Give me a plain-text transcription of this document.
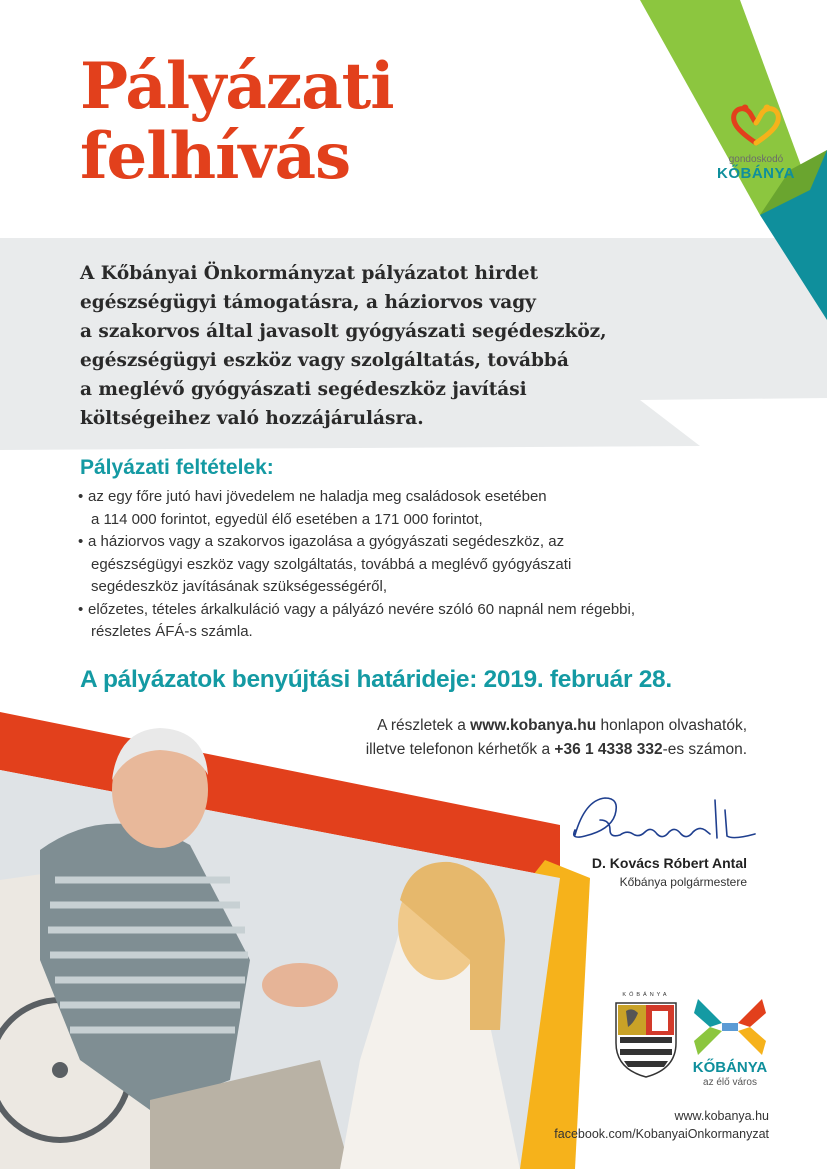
Pályázati
felhívás	gondoskodó
KŐBÁNYA

A Kőbányai Önkormányzat pályázatot hirdet
egészségügyi támogatásra, a háziorvos vagy
a szakorvos által javasolt gyógyászati segédeszköz,
egészségügyi eszköz vagy szolgáltatás, továbbá
a meglévő gyógyászati segédeszköz javítási
költségeihez való hozzájárulásra.

Pályázati feltételek:
• az egy főre jutó havi jövedelem ne haladja meg családosok esetében
a 114 000 forintot, egyedül élő esetében a 171 000 forintot,
• a háziorvos vagy a szakorvos igazolása a gyógyászati segédeszköz, az
egészségügyi eszköz vagy szolgáltatás, továbbá a meglévő gyógyászati
segédeszköz javításának szükségességéről,
• előzetes, tételes árkalkuláció vagy a pályázó nevére szóló 60 napnál nem régebbi,
részletes ÁFÁ-s számla.

A pályázatok benyújtási határideje: 2019. február 28.

A részletek a www.kobanya.hu honlapon olvashatók,
illetve telefonon kérhetők a +36 1 4338 332-es számon.
D. Kovács Róbert Antal
Kőbánya polgármestere
KŐBÁNYA
KŐBÁNYA
az élő város
www.kobanya.hu
facebook.com/KobanyaiOnkormanyzat
